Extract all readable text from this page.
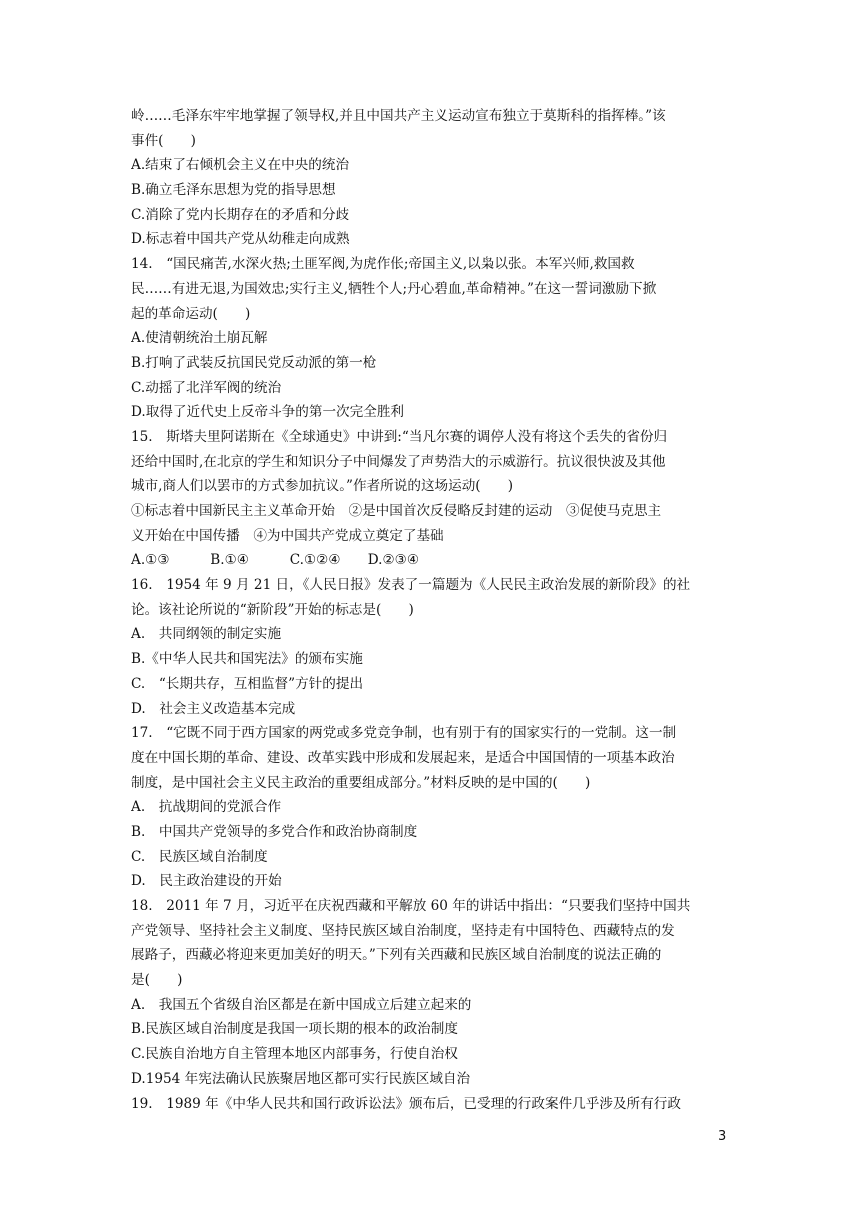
岭……毛泽东牢牢地掌握了领导权,并且中国共产主义运动宣布独立于莫斯科的指挥棒。”该
事件(　　)
A.结束了右倾机会主义在中央的统治
B.确立毛泽东思想为党的指导思想
C.消除了党内长期存在的矛盾和分歧
D.标志着中国共产党从幼稚走向成熟
14.　“国民痛苦,水深火热;土匪军阀,为虎作伥;帝国主义,以枭以张。本军兴师,救国救
民……有进无退,为国效忠;实行主义,牺牲个人;丹心碧血,革命精神。”在这一誓词激励下掀
起的革命运动(　　)
A.使清朝统治土崩瓦解
B.打响了武装反抗国民党反动派的第一枪
C.动摇了北洋军阀的统治
D.取得了近代史上反帝斗争的第一次完全胜利
15.　斯塔夫里阿诺斯在《全球通史》中讲到:“当凡尔赛的调停人没有将这个丢失的省份归
还给中国时,在北京的学生和知识分子中间爆发了声势浩大的示威游行。抗议很快波及其他
城市,商人们以罢市的方式参加抗议。”作者所说的这场运动(　　)
①标志着中国新民主主义革命开始　②是中国首次反侵略反封建的运动　③促使马克思主
义开始在中国传播　④为中国共产党成立奠定了基础
A.①③　　　B.①④　　　C.①②④　　D.②③④
16.　1954 年 9 月 21 日，《人民日报》发表了一篇题为《人民民主政治发展的新阶段》的社
论。该社论所说的“新阶段”开始的标志是(　　)
A.　共同纲领的制定实施
B.《中华人民共和国宪法》的颁布实施
C.　“长期共存，互相监督”方针的提出
D.　社会主义改造基本完成
17.　“它既不同于西方国家的两党或多党竞争制，也有别于有的国家实行的一党制。这一制
度在中国长期的革命、建设、改革实践中形成和发展起来，是适合中国国情的一项基本政治
制度，是中国社会主义民主政治的重要组成部分。”材料反映的是中国的(　　)
A.　抗战期间的党派合作
B.　中国共产党领导的多党合作和政治协商制度
C.　民族区域自治制度
D.　民主政治建设的开始
18.　2011 年 7 月，习近平在庆祝西藏和平解放 60 年的讲话中指出：“只要我们坚持中国共
产党领导、坚持社会主义制度、坚持民族区域自治制度，坚持走有中国特色、西藏特点的发
展路子，西藏必将迎来更加美好的明天。”下列有关西藏和民族区域自治制度的说法正确的
是(　　)
A.　我国五个省级自治区都是在新中国成立后建立起来的
B.民族区域自治制度是我国一项长期的根本的政治制度
C.民族自治地方自主管理本地区内部事务，行使自治权
D.1954 年宪法确认民族聚居地区都可实行民族区域自治
19.　1989 年《中华人民共和国行政诉讼法》颁布后，已受理的行政案件几乎涉及所有行政
3
